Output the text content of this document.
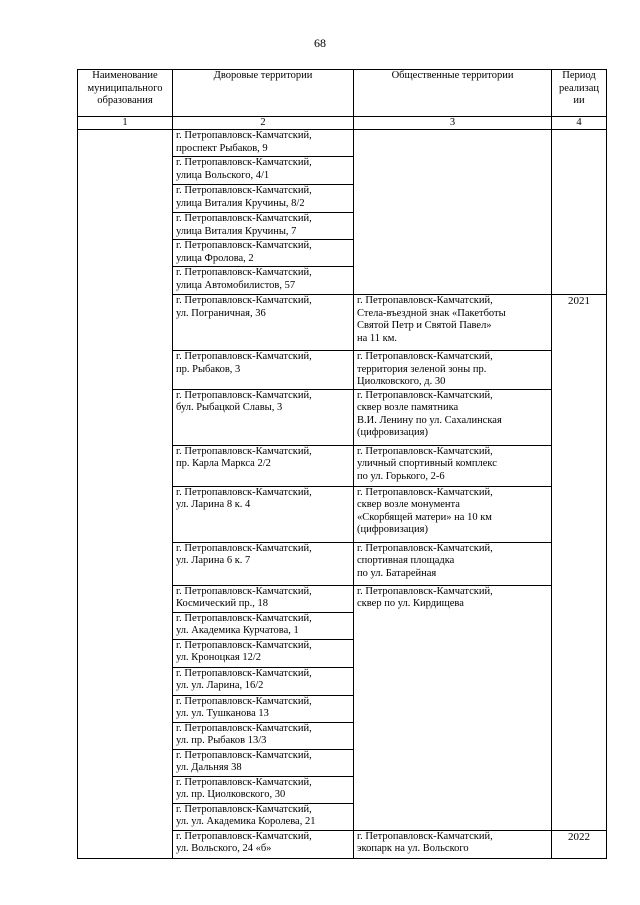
68
Наименование
муниципального
образования	Дворовые территории	Общественные территории	Период
реализац
ии

1	2	3	4

	г. Петропавловск-Камчатский,
проспект Рыбаков, 9		

	г. Петропавловск-Камчатский,
улица Вольского, 4/1		

	г. Петропавловск-Камчатский,
улица Виталия Кручины, 8/2		

	г. Петропавловск-Камчатский,
улица Виталия Кручины, 7		

	г. Петропавловск-Камчатский,
улица Фролова, 2		

	г. Петропавловск-Камчатский,
улица Автомобилистов, 57		

	г. Петропавловск-Камчатский,
ул. Пограничная, 36	г. Петропавловск-Камчатский,
Стела-въездной знак «Пакетботы
Святой Петр и Святой Павел»
на 11 км.	2021

	г. Петропавловск-Камчатский,
пр. Рыбаков, 3	г. Петропавловск-Камчатский,
территория зеленой зоны пр.
Циолковского, д. 30	

	г. Петропавловск-Камчатский,
бул. Рыбацкой Славы, 3	г. Петропавловск-Камчатский,
сквер возле памятника
В.И. Ленину по ул. Сахалинская
(цифровизация)	

	г. Петропавловск-Камчатский,
пр. Карла Маркса 2/2	г. Петропавловск-Камчатский,
уличный спортивный комплекс
по ул. Горького, 2-6	

	г. Петропавловск-Камчатский,
ул. Ларина 8 к. 4	г. Петропавловск-Камчатский,
сквер возле монумента
«Скорбящей матери» на 10 км
(цифровизация)	

	г. Петропавловск-Камчатский,
ул. Ларина 6 к. 7	г. Петропавловск-Камчатский,
спортивная площадка
по ул. Батарейная	

	г. Петропавловск-Камчатский,
Космический пр., 18	г. Петропавловск-Камчатский,
сквер по ул. Кирдищева	

	г. Петропавловск-Камчатский,
ул. Академика Курчатова, 1		

	г. Петропавловск-Камчатский,
ул. Кроноцкая 12/2		

	г. Петропавловск-Камчатский,
ул. ул. Ларина, 16/2		

	г. Петропавловск-Камчатский,
ул. ул. Тушканова 13		

	г. Петропавловск-Камчатский,
ул. пр. Рыбаков 13/3		

	г. Петропавловск-Камчатский,
ул. Дальняя 38		

	г. Петропавловск-Камчатский,
ул. пр. Циолковского, 30		

	г. Петропавловск-Камчатский,
ул. ул. Академика Королева, 21		

	г. Петропавловск-Камчатский,
ул. Вольского, 24 «б»	г. Петропавловск-Камчатский,
экопарк на ул. Вольского	2022
